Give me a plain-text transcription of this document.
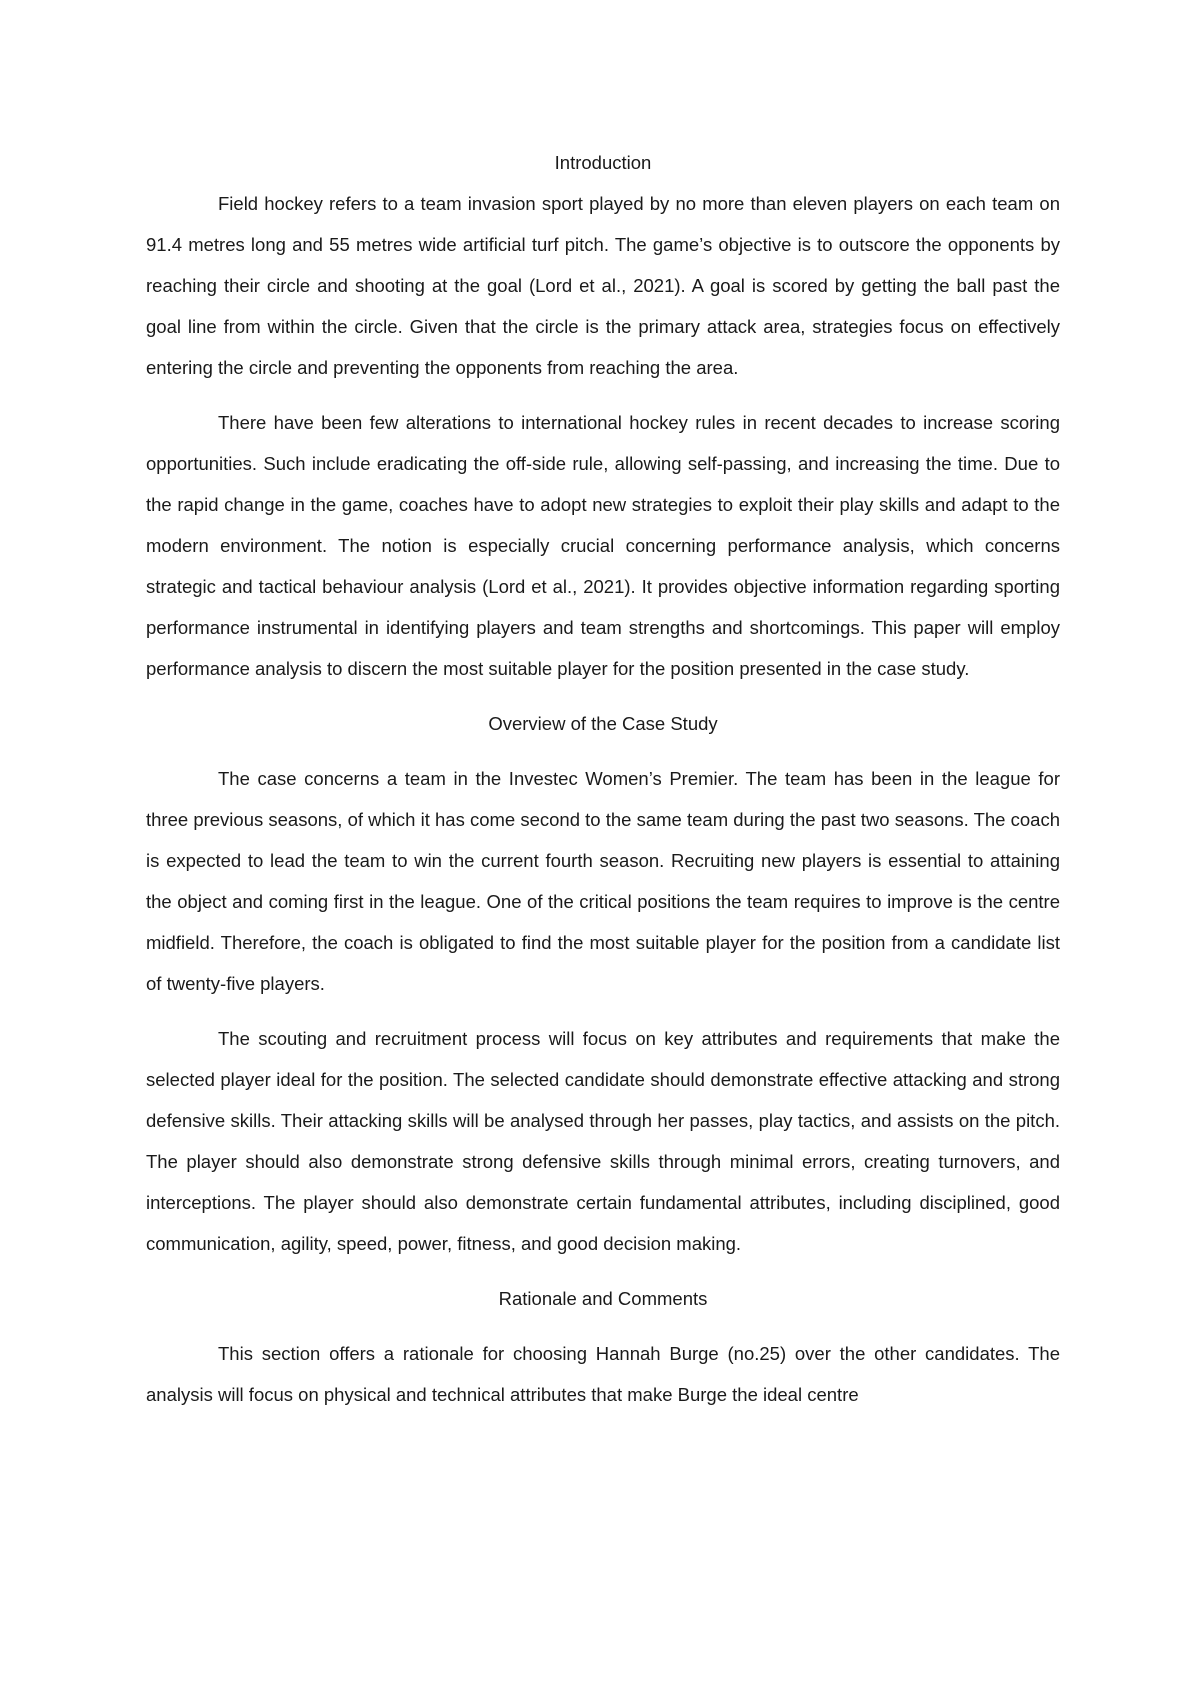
Introduction

Field hockey refers to a team invasion sport played by no more than eleven players on each team on 91.4 metres long and 55 metres wide artificial turf pitch. The game’s objective is to outscore the opponents by reaching their circle and shooting at the goal (Lord et al., 2021). A goal is scored by getting the ball past the goal line from within the circle. Given that the circle is the primary attack area, strategies focus on effectively entering the circle and preventing the opponents from reaching the area.

There have been few alterations to international hockey rules in recent decades to increase scoring opportunities. Such include eradicating the off-side rule, allowing self-passing, and increasing the time. Due to the rapid change in the game, coaches have to adopt new strategies to exploit their play skills and adapt to the modern environment. The notion is especially crucial concerning performance analysis, which concerns strategic and tactical behaviour analysis (Lord et al., 2021). It provides objective information regarding sporting performance instrumental in identifying players and team strengths and shortcomings. This paper will employ performance analysis to discern the most suitable player for the position presented in the case study.

Overview of the Case Study

The case concerns a team in the Investec Women’s Premier. The team has been in the league for three previous seasons, of which it has come second to the same team during the past two seasons. The coach is expected to lead the team to win the current fourth season. Recruiting new players is essential to attaining the object and coming first in the league. One of the critical positions the team requires to improve is the centre midfield. Therefore, the coach is obligated to find the most suitable player for the position from a candidate list of twenty-five players.

The scouting and recruitment process will focus on key attributes and requirements that make the selected player ideal for the position. The selected candidate should demonstrate effective attacking and strong defensive skills. Their attacking skills will be analysed through her passes, play tactics, and assists on the pitch. The player should also demonstrate strong defensive skills through minimal errors, creating turnovers, and interceptions. The player should also demonstrate certain fundamental attributes, including disciplined, good communication, agility, speed, power, fitness, and good decision making.

Rationale and Comments

This section offers a rationale for choosing Hannah Burge (no.25) over the other candidates. The analysis will focus on physical and technical attributes that make Burge the ideal centre
